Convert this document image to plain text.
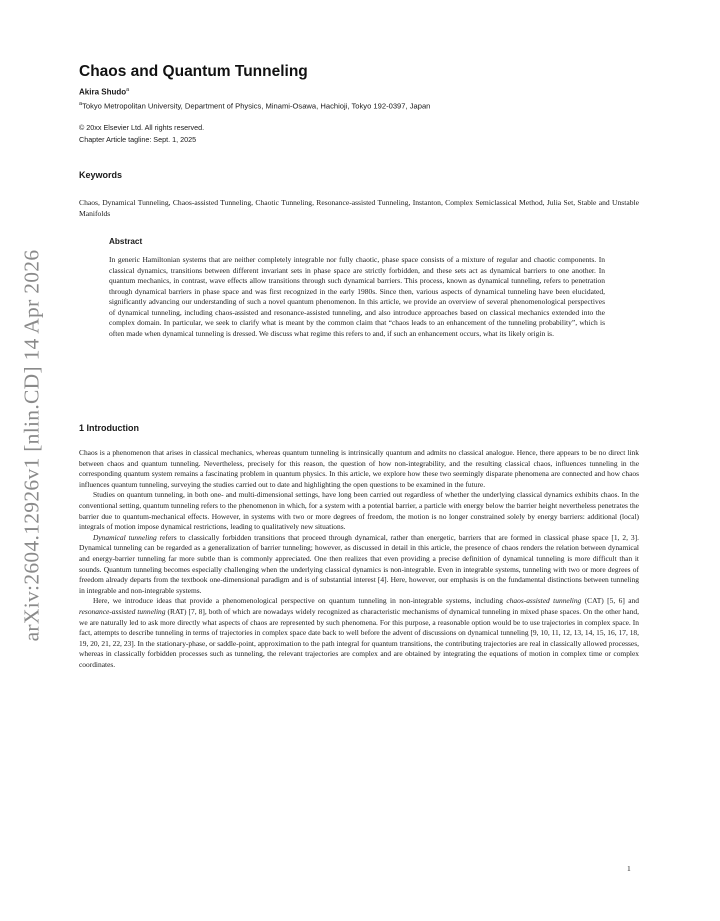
arXiv:2604.12926v1 [nlin.CD] 14 Apr 2026
Chaos and Quantum Tunneling
Akira Shudo$^a$
$^a$Tokyo Metropolitan University, Department of Physics, Minami-Osawa, Hachioji, Tokyo 192-0397, Japan
© 20xx Elsevier Ltd. All rights reserved.
Chapter Article tagline: Sept. 1, 2025
Keywords
Chaos, Dynamical Tunneling, Chaos-assisted Tunneling, Chaotic Tunneling, Resonance-assisted Tunneling, Instanton, Complex Semiclassical Method, Julia Set, Stable and Unstable Manifolds
Abstract

In generic Hamiltonian systems that are neither completely integrable nor fully chaotic, phase space consists of a mixture of regular and chaotic components. In classical dynamics, transitions between different invariant sets in phase space are strictly forbidden, and these sets act as dynamical barriers to one another. In quantum mechanics, in contrast, wave effects allow transitions through such dynamical barriers. This process, known as dynamical tunneling, refers to penetration through dynamical barriers in phase space and was first recognized in the early 1980s. Since then, various aspects of dynamical tunneling have been elucidated, significantly advancing our understanding of such a novel quantum phenomenon. In this article, we provide an overview of several phenomenological perspectives of dynamical tunneling, including chaos-assisted and resonance-assisted tunneling, and also introduce approaches based on classical mechanics extended into the complex domain. In particular, we seek to clarify what is meant by the common claim that “chaos leads to an enhancement of the tunneling probability”, which is often made when dynamical tunneling is dressed. We discuss what regime this refers to and, if such an enhancement occurs, what its likely origin is.

1 Introduction

Chaos is a phenomenon that arises in classical mechanics, whereas quantum tunneling is intrinsically quantum and admits no classical analogue. Hence, there appears to be no direct link between chaos and quantum tunneling. Nevertheless, precisely for this reason, the question of how non-integrability, and the resulting classical chaos, influences tunneling in the corresponding quantum system remains a fascinating problem in quantum physics. In this article, we explore how these two seemingly disparate phenomena are connected and how chaos influences quantum tunneling, surveying the studies carried out to date and highlighting the open questions to be examined in the future.

Studies on quantum tunneling, in both one- and multi-dimensional settings, have long been carried out regardless of whether the underlying classical dynamics exhibits chaos. In the conventional setting, quantum tunneling refers to the phenomenon in which, for a system with a potential barrier, a particle with energy below the barrier height nevertheless penetrates the barrier due to quantum-mechanical effects. However, in systems with two or more degrees of freedom, the motion is no longer constrained solely by energy barriers: additional (local) integrals of motion impose dynamical restrictions, leading to qualitatively new situations.

Dynamical tunneling refers to classically forbidden transitions that proceed through dynamical, rather than energetic, barriers that are formed in classical phase space [1, 2, 3]. Dynamical tunneling can be regarded as a generalization of barrier tunneling; however, as discussed in detail in this article, the presence of chaos renders the relation between dynamical and energy-barrier tunneling far more subtle than is commonly appreciated. One then realizes that even providing a precise definition of dynamical tunneling is more difficult than it sounds. Quantum tunneling becomes especially challenging when the underlying classical dynamics is non-integrable. Even in integrable systems, tunneling with two or more degrees of freedom already departs from the textbook one-dimensional paradigm and is of substantial interest [4]. Here, however, our emphasis is on the fundamental distinctions between tunneling in integrable and non-integrable systems.

Here, we introduce ideas that provide a phenomenological perspective on quantum tunneling in non-integrable systems, including chaos-assisted tunneling (CAT) [5, 6] and resonance-assisted tunneling (RAT) [7, 8], both of which are nowadays widely recognized as characteristic mechanisms of dynamical tunneling in mixed phase spaces. On the other hand, we are naturally led to ask more directly what aspects of chaos are represented by such phenomena. For this purpose, a reasonable option would be to use trajectories in complex space. In fact, attempts to describe tunneling in terms of trajectories in complex space date back to well before the advent of discussions on dynamical tunneling [9, 10, 11, 12, 13, 14, 15, 16, 17, 18, 19, 20, 21, 22, 23]. In the stationary-phase, or saddle-point, approximation to the path integral for quantum transitions, the contributing trajectories are real in classically allowed processes, whereas in classically forbidden processes such as tunneling, the relevant trajectories are complex and are obtained by integrating the equations of motion in complex time or complex coordinates.

1
